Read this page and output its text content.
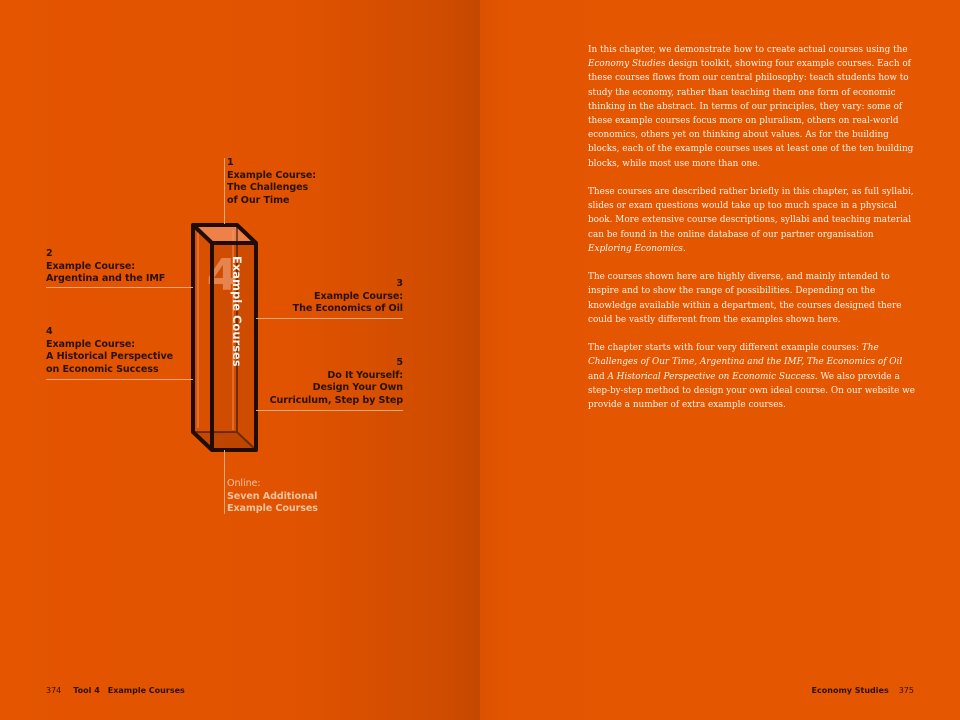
4
Example Courses
1
Example Course:
The Challenges
of Our Time
2
Example Course:
Argentina and the IMF	3
Example Course:
The Economics of Oil
4
Example Course:
A Historical Perspective
on Economic Success
5
Do It Yourself:
Design Your Own
Curriculum, Step by Step
Online:
Seven Additional
Example Courses

In this chapter, we demonstrate how to create actual courses using the Economy Studies design toolkit, showing four example courses. Each of these courses flows from our central philosophy: teach students how to study the economy, rather than teaching them one form of economic thinking in the abstract. In terms of our principles, they vary: some of these example courses focus more on pluralism, others on real-world economics, others yet on thinking about values. As for the building blocks, each of the example courses uses at least one of the ten building blocks, while most use more than one.

These courses are described rather briefly in this chapter, as full syllabi, slides or exam questions would take up too much space in a physical book. More extensive course descriptions, syllabi and teaching material can be found in the online database of our partner organisation Exploring Economics.

The courses shown here are highly diverse, and mainly intended to inspire and to show the range of possibilities. Depending on the knowledge available within a department, the courses designed there could be vastly different from the examples shown here.

The chapter starts with four very different example courses: The Challenges of Our Time, Argentina and the IMF, The Economics of Oil and A Historical Perspective on Economic Success. We also provide a step-by-step method to design your own ideal course. On our website we provide a number of extra example courses.

374 Tool 4 Example Courses	Economy Studies 375
